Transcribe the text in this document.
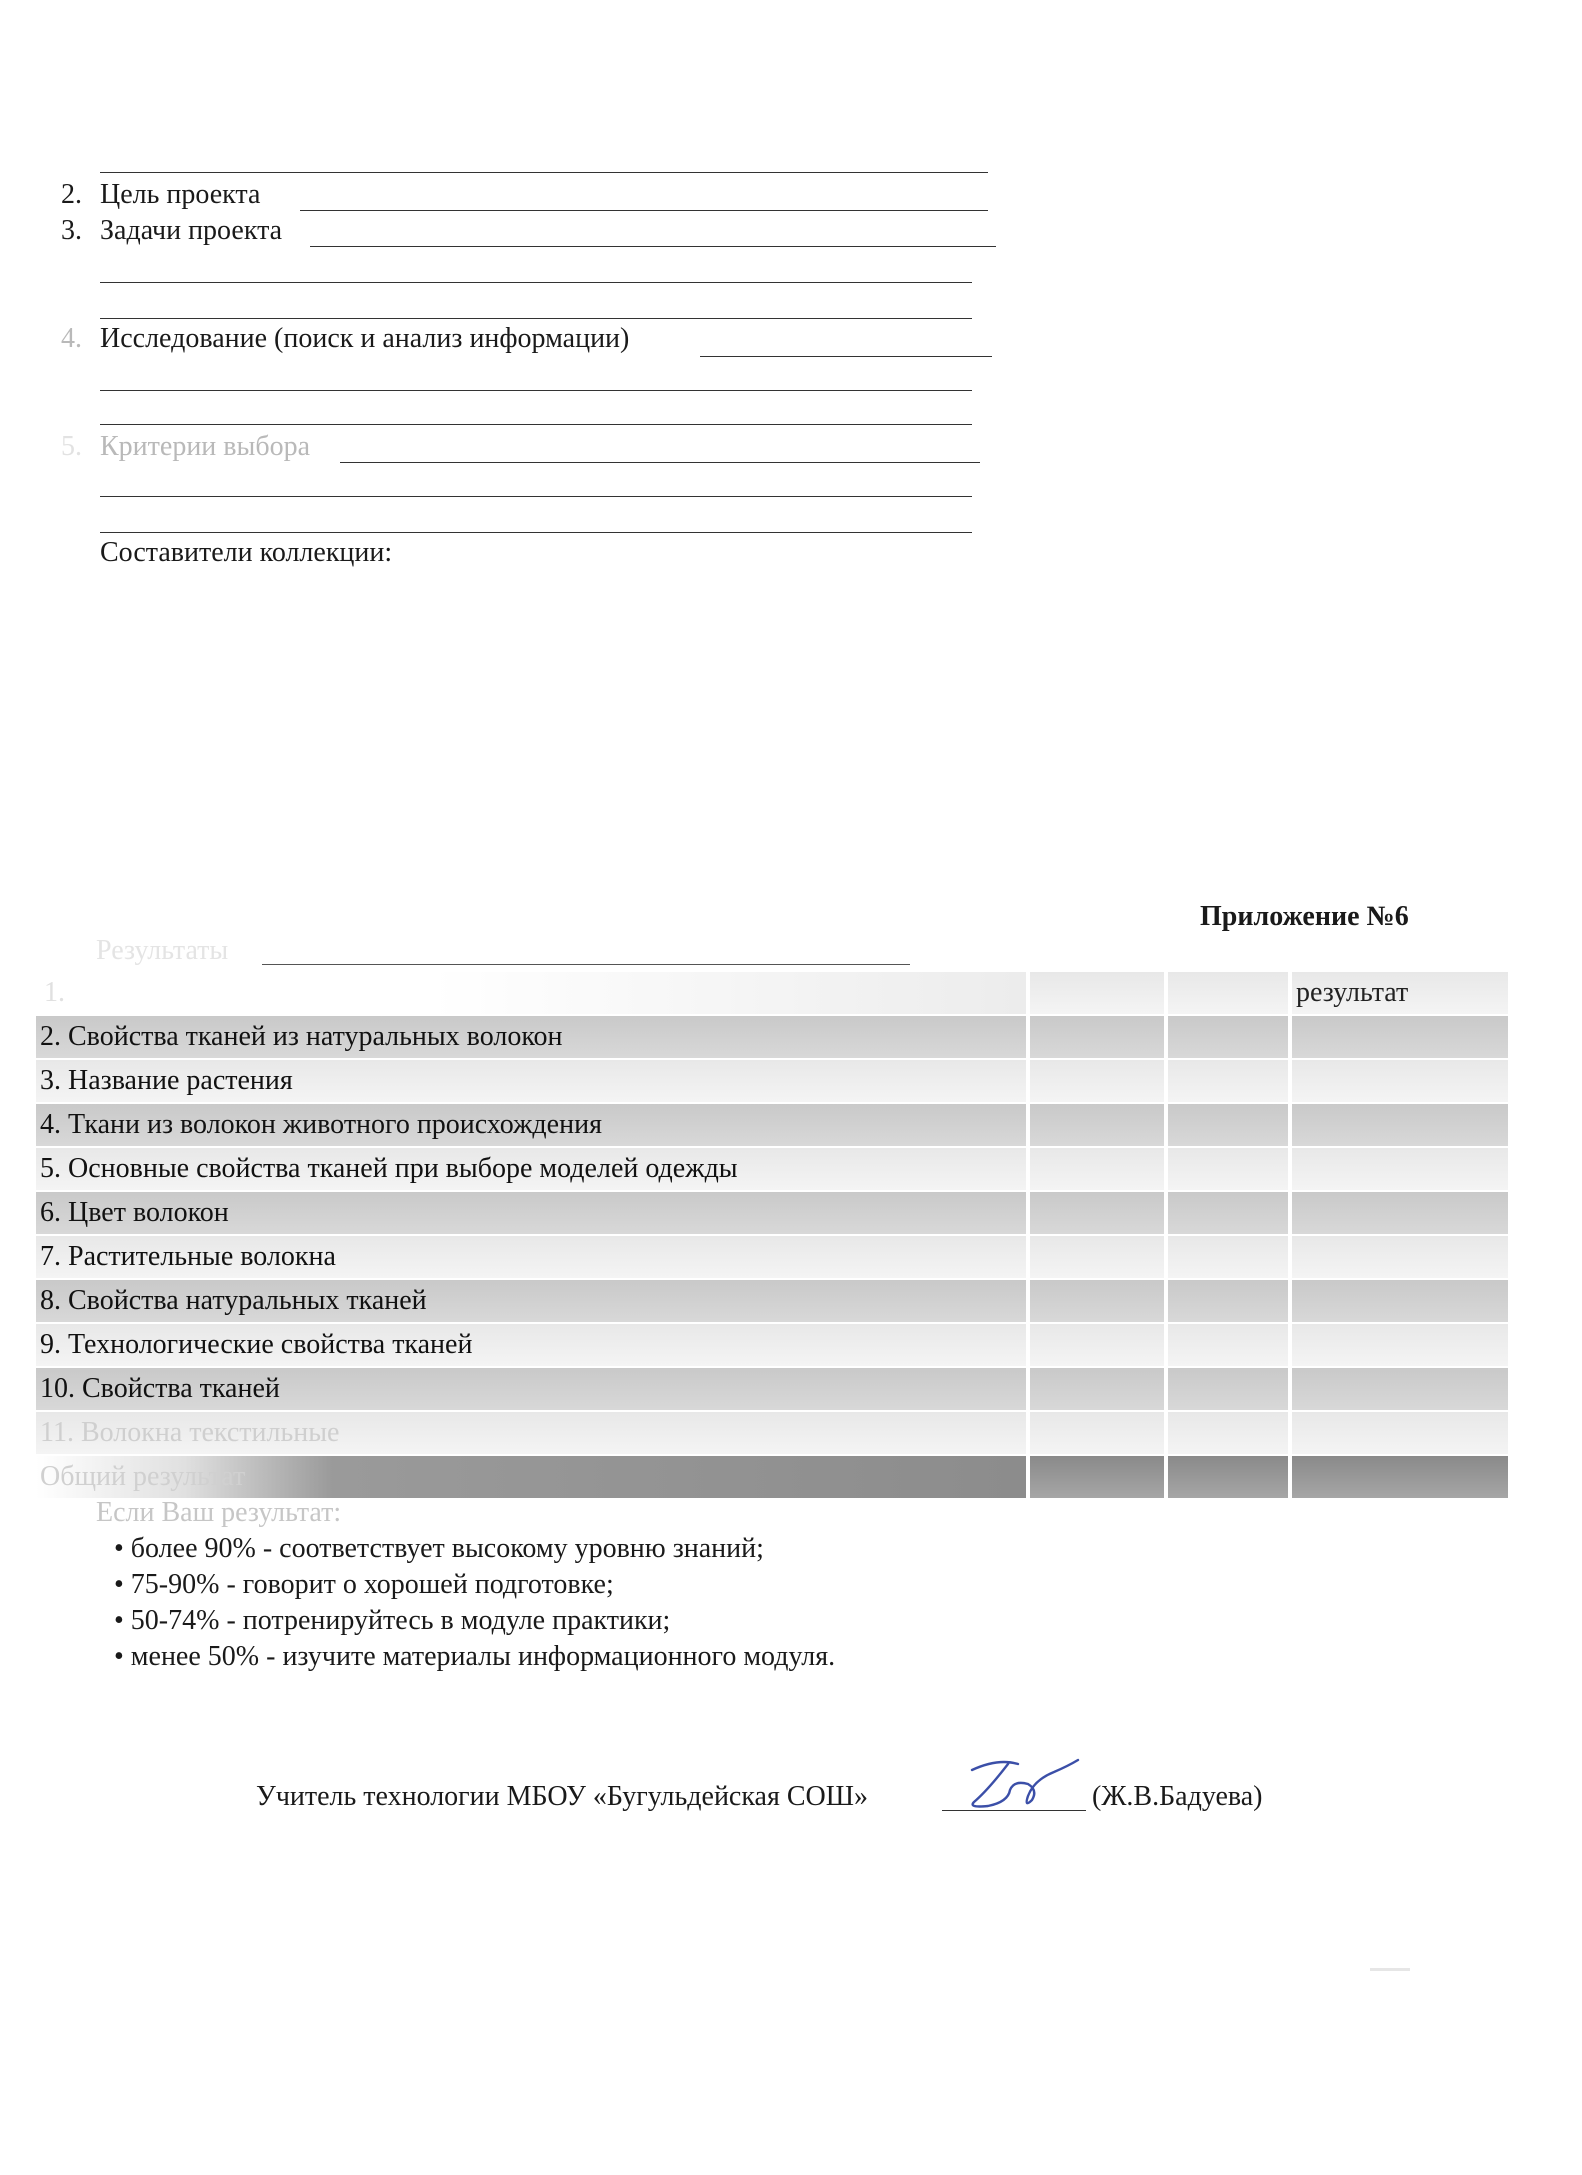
2. Цель проекта
3. Задачи проекта
4. Исследование (поиск и анализ информации)
5. Критерии выбора
Составители коллекции:
Приложение №6
Результаты
1.	результат
2. Свойства тканей из натуральных волокон
3. Название растения
4. Ткани из волокон животного происхождения
5. Основные свойства тканей при выборе моделей одежды
6. Цвет волокон
7. Растительные волокна
8. Свойства натуральных тканей
9. Технологические свойства тканей
10. Свойства тканей
11. Волокна текстильные
Общий результат
Если Ваш результат:
• более 90% - соответствует высокому уровню знаний;
• 75-90% - говорит о хорошей подготовке;
• 50-74% - потренируйтесь в модуле практики;
• менее 50% - изучите материалы информационного модуля.
Учитель технологии МБОУ «Бугульдейская СОШ»	(Ж.В.Бадуева)
